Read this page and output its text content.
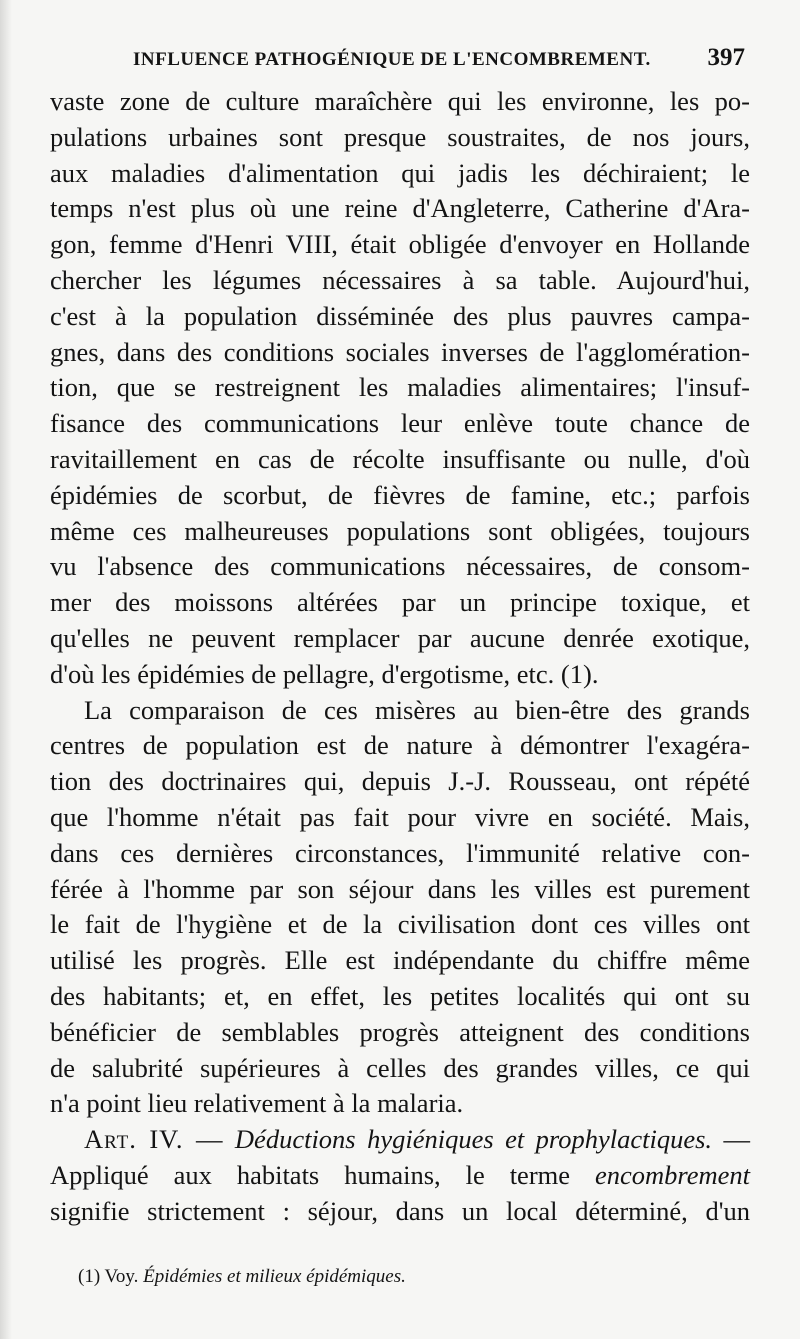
INFLUENCE PATHOGÉNIQUE DE L'ENCOMBREMENT. 397
vaste zone de culture maraîchère qui les environne, les po-
pulations urbaines sont presque soustraites, de nos jours,
aux maladies d'alimentation qui jadis les déchiraient; le
temps n'est plus où une reine d'Angleterre, Catherine d'Ara-
gon, femme d'Henri VIII, était obligée d'envoyer en Hollande
chercher les légumes nécessaires à sa table. Aujourd'hui,
c'est à la population disséminée des plus pauvres campa-
gnes, dans des conditions sociales inverses de l'agglomération-
tion, que se restreignent les maladies alimentaires; l'insuf-
fisance des communications leur enlève toute chance de
ravitaillement en cas de récolte insuffisante ou nulle, d'où
épidémies de scorbut, de fièvres de famine, etc.; parfois
même ces malheureuses populations sont obligées, toujours
vu l'absence des communications nécessaires, de consom-
mer des moissons altérées par un principe toxique, et
qu'elles ne peuvent remplacer par aucune denrée exotique,
d'où les épidémies de pellagre, d'ergotisme, etc. (1).
La comparaison de ces misères au bien-être des grands
centres de population est de nature à démontrer l'exagéra-
tion des doctrinaires qui, depuis J.-J. Rousseau, ont répété
que l'homme n'était pas fait pour vivre en société. Mais,
dans ces dernières circonstances, l'immunité relative con-
férée à l'homme par son séjour dans les villes est purement
le fait de l'hygiène et de la civilisation dont ces villes ont
utilisé les progrès. Elle est indépendante du chiffre même
des habitants; et, en effet, les petites localités qui ont su
bénéficier de semblables progrès atteignent des conditions
de salubrité supérieures à celles des grandes villes, ce qui
n'a point lieu relativement à la malaria.
Art. IV. — Déductions hygiéniques et prophylactiques. —
Appliqué aux habitats humains, le terme encombrement
signifie strictement : séjour, dans un local déterminé, d'un
(1) Voy. Épidémies et milieux épidémiques.
